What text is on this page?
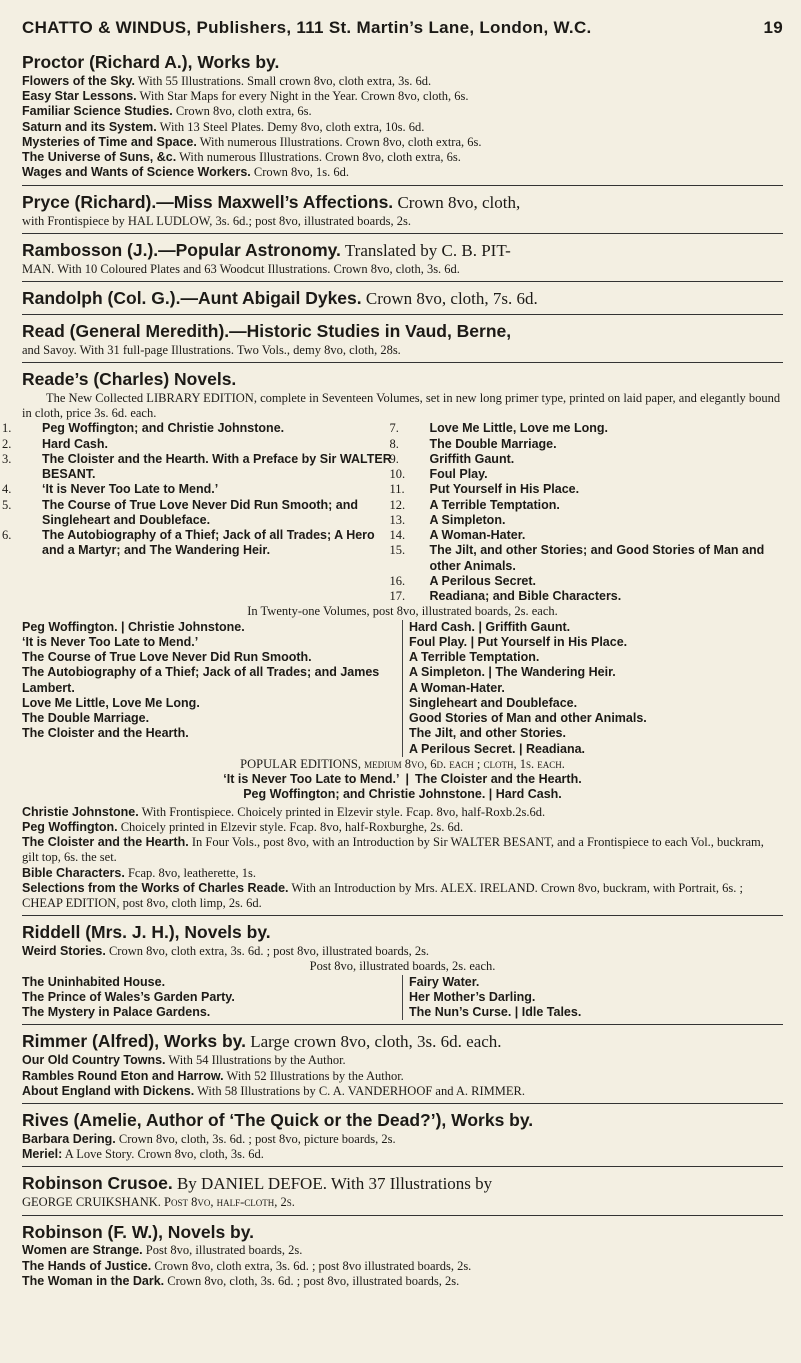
CHATTO & WINDUS, Publishers, 111 St. Martin’s Lane, London, W.C.	19
Proctor (Richard A.), Works by.
Flowers of the Sky. With 55 Illustrations. Small crown 8vo, cloth extra, 3s. 6d.
Easy Star Lessons. With Star Maps for every Night in the Year. Crown 8vo, cloth, 6s.
Familiar Science Studies. Crown 8vo, cloth extra, 6s.
Saturn and its System. With 13 Steel Plates. Demy 8vo, cloth extra, 10s. 6d.
Mysteries of Time and Space. With numerous Illustrations. Crown 8vo, cloth extra, 6s.
The Universe of Suns, &c. With numerous Illustrations. Crown 8vo, cloth extra, 6s.
Wages and Wants of Science Workers. Crown 8vo, 1s. 6d.
Pryce (Richard).—Miss Maxwell’s Affections. Crown 8vo, cloth,
with Frontispiece by HAL LUDLOW, 3s. 6d.; post 8vo, illustrated boards, 2s.
Rambosson (J.).—Popular Astronomy. Translated by C. B. PIT-
MAN. With 10 Coloured Plates and 63 Woodcut Illustrations. Crown 8vo, cloth, 3s. 6d.
Randolph (Col. G.).—Aunt Abigail Dykes. Crown 8vo, cloth, 7s. 6d.
Read (General Meredith).—Historic Studies in Vaud, Berne,
and Savoy. With 31 full-page Illustrations. Two Vols., demy 8vo, cloth, 28s.
Reade’s (Charles) Novels.
The New Collected LIBRARY EDITION, complete in Seventeen Volumes, set in new long primer type, printed on laid paper, and elegantly bound in cloth, price 3s. 6d. each.
1. Peg Woffington; and Christie Johnstone.
2. Hard Cash.
3. The Cloister and the Hearth. With a Preface by Sir WALTER BESANT.
4. ‘It is Never Too Late to Mend.’
5. The Course of True Love Never Did Run Smooth; and Singleheart and Doubleface.
6. The Autobiography of a Thief; Jack of all Trades; A Hero and a Martyr; and The Wandering Heir.
7. Love Me Little, Love me Long.
8. The Double Marriage.
9. Griffith Gaunt.
10. Foul Play.
11. Put Yourself in His Place.
12. A Terrible Temptation.
13. A Simpleton.
14. A Woman-Hater.
15. The Jilt, and other Stories; and Good Stories of Man and other Animals.
16. A Perilous Secret.
17. Readiana; and Bible Characters.
In Twenty-one Volumes, post 8vo, illustrated boards, 2s. each.
Peg Woffington. | Christie Johnstone.
‘It is Never Too Late to Mend.’
The Course of True Love Never Did Run Smooth.
The Autobiography of a Thief; Jack of all Trades; and James Lambert.
Love Me Little, Love Me Long.
The Double Marriage.
The Cloister and the Hearth.
Hard Cash. | Griffith Gaunt.
Foul Play. | Put Yourself in His Place.
A Terrible Temptation.
A Simpleton. | The Wandering Heir.
A Woman-Hater.
Singleheart and Doubleface.
Good Stories of Man and other Animals.
The Jilt, and other Stories.
A Perilous Secret. | Readiana.
POPULAR EDITIONS, medium 8vo, 6d. each ; cloth, 1s. each.
‘It is Never Too Late to Mend.’ | The Cloister and the Hearth.
Peg Woffington; and Christie Johnstone. | Hard Cash.
Christie Johnstone. With Frontispiece. Choicely printed in Elzevir style. Fcap. 8vo, half-Roxb.2s.6d.
Peg Woffington. Choicely printed in Elzevir style. Fcap. 8vo, half-Roxburghe, 2s. 6d.
The Cloister and the Hearth. In Four Vols., post 8vo, with an Introduction by Sir WALTER BESANT, and a Frontispiece to each Vol., buckram, gilt top, 6s. the set.
Bible Characters. Fcap. 8vo, leatherette, 1s.
Selections from the Works of Charles Reade. With an Introduction by Mrs. ALEX. IRELAND. Crown 8vo, buckram, with Portrait, 6s. ; CHEAP EDITION, post 8vo, cloth limp, 2s. 6d.
Riddell (Mrs. J. H.), Novels by.
Weird Stories. Crown 8vo, cloth extra, 3s. 6d. ; post 8vo, illustrated boards, 2s.
Post 8vo, illustrated boards, 2s. each.
The Uninhabited House.
The Prince of Wales’s Garden Party.
The Mystery in Palace Gardens.
Fairy Water.
Her Mother’s Darling.
The Nun’s Curse. | Idle Tales.
Rimmer (Alfred), Works by. Large crown 8vo, cloth, 3s. 6d. each.
Our Old Country Towns. With 54 Illustrations by the Author.
Rambles Round Eton and Harrow. With 52 Illustrations by the Author.
About England with Dickens. With 58 Illustrations by C. A. VANDERHOOF and A. RIMMER.
Rives (Amelie, Author of ‘The Quick or the Dead?’), Works by.
Barbara Dering. Crown 8vo, cloth, 3s. 6d. ; post 8vo, picture boards, 2s.
Meriel: A Love Story. Crown 8vo, cloth, 3s. 6d.
Robinson Crusoe. By DANIEL DEFOE. With 37 Illustrations by
GEORGE CRUIKSHANK. Post 8vo, half-cloth, 2s.
Robinson (F. W.), Novels by.
Women are Strange. Post 8vo, illustrated boards, 2s.
The Hands of Justice. Crown 8vo, cloth extra, 3s. 6d. ; post 8vo illustrated boards, 2s.
The Woman in the Dark. Crown 8vo, cloth, 3s. 6d. ; post 8vo, illustrated boards, 2s.
